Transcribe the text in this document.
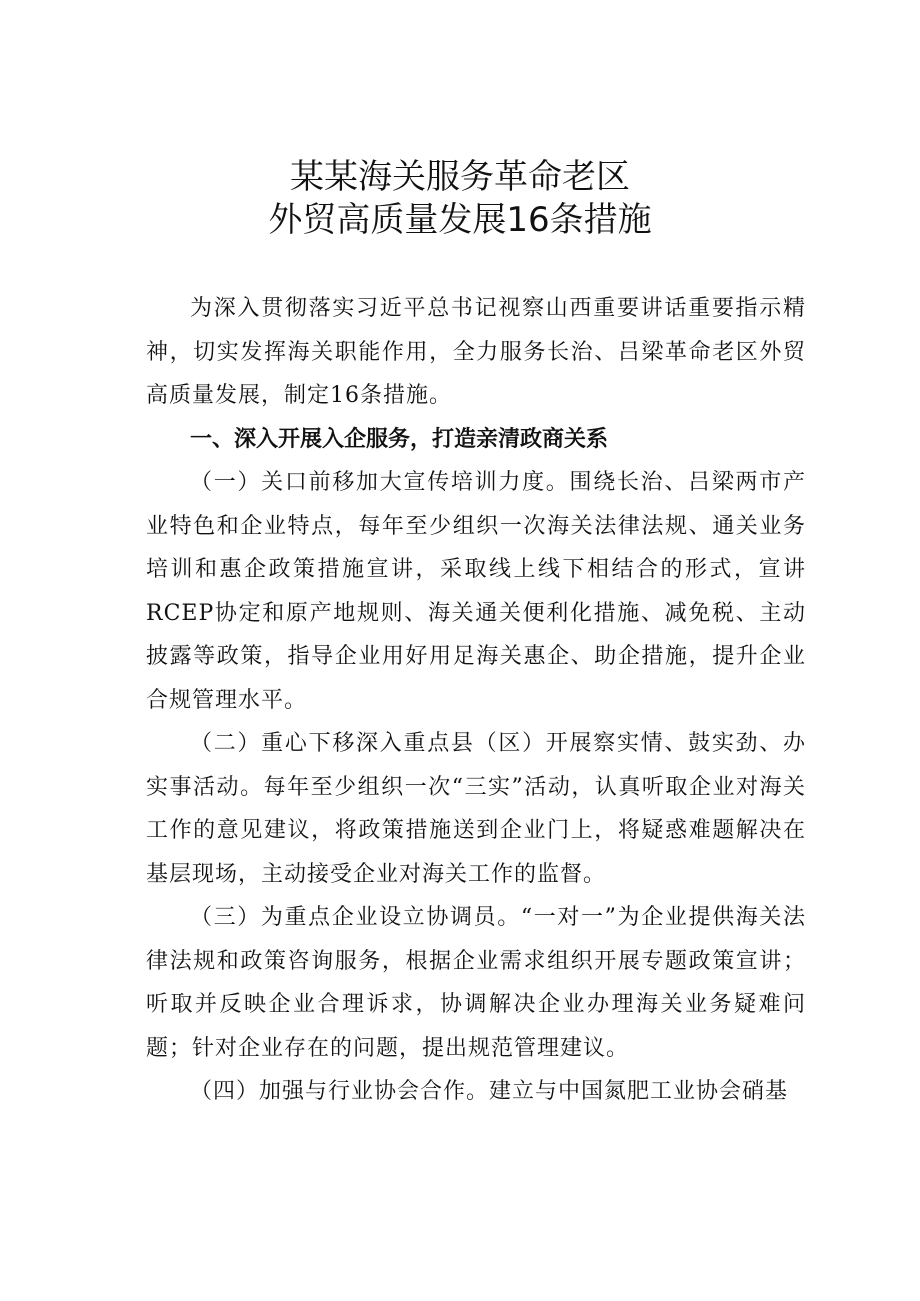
某某海关服务革命老区
外贸高质量发展16条措施

为深入贯彻落实习近平总书记视察山西重要讲话重要指示精神，切实发挥海关职能作用，全力服务长治、吕梁革命老区外贸高质量发展，制定16条措施。

一、深入开展入企服务，打造亲清政商关系

（一）关口前移加大宣传培训力度。围绕长治、吕梁两市产业特色和企业特点，每年至少组织一次海关法律法规、通关业务培训和惠企政策措施宣讲，采取线上线下相结合的形式，宣讲RCEP协定和原产地规则、海关通关便利化措施、减免税、主动披露等政策，指导企业用好用足海关惠企、助企措施，提升企业合规管理水平。

（二）重心下移深入重点县（区）开展察实情、鼓实劲、办实事活动。每年至少组织一次“三实”活动，认真听取企业对海关工作的意见建议，将政策措施送到企业门上，将疑惑难题解决在基层现场，主动接受企业对海关工作的监督。

（三）为重点企业设立协调员。“一对一”为企业提供海关法律法规和政策咨询服务，根据企业需求组织开展专题政策宣讲；听取并反映企业合理诉求，协调解决企业办理海关业务疑难问题；针对企业存在的问题，提出规范管理建议。

（四）加强与行业协会合作。建立与中国氮肥工业协会硝基
